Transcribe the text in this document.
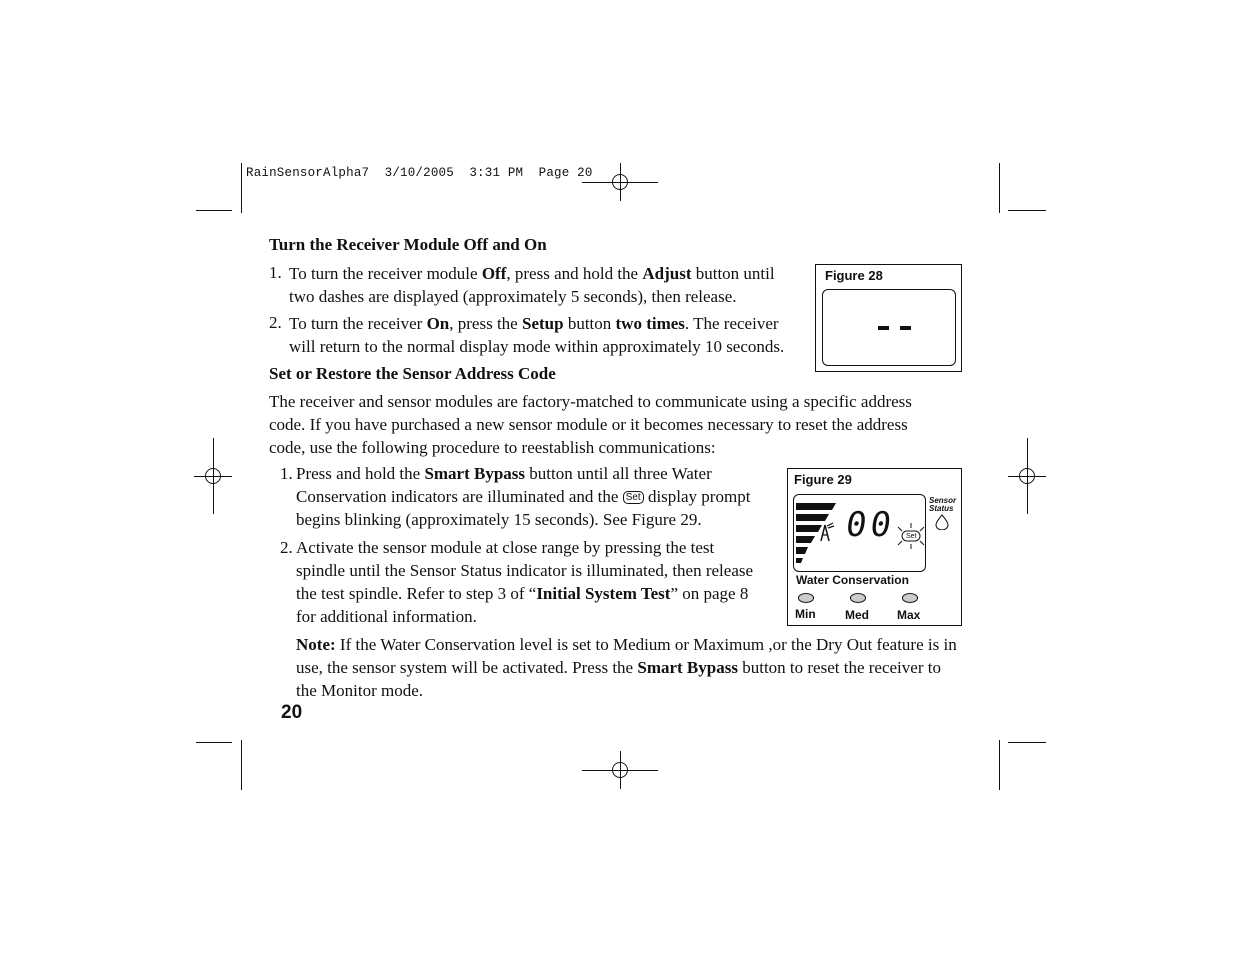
RainSensorAlpha7  3/10/2005  3:31 PM  Page 20
Turn the Receiver Module Off and On
1. To turn the receiver module Off, press and hold the Adjust button until
two dashes are displayed (approximately 5 seconds), then release.
2. To turn the receiver On, press the Setup button two times. The receiver
will return to the normal display mode within approximately 10 seconds.
Figure 28
Set or Restore the Sensor Address Code
The receiver and sensor modules are factory-matched to communicate using a specific address
code. If you have purchased a new sensor module or it becomes necessary to reset the address
code, use the following procedure to reestablish communications:
1. Press and hold the Smart Bypass button until all three Water
Conservation indicators are illuminated and the Set display prompt
begins blinking (approximately 15 seconds). See Figure 29.
2. Activate the sensor module at close range by pressing the test
spindle until the Sensor Status indicator is illuminated, then release
the test spindle. Refer to step 3 of “Initial System Test” on page 8
for additional information.
Figure 29
00 Set
Sensor
Status
Water Conservation
Min Med Max
Note: If the Water Conservation level is set to Medium or Maximum ,or the Dry Out feature is in
use, the sensor system will be activated. Press the Smart Bypass button to reset the receiver to
the Monitor mode.
20
